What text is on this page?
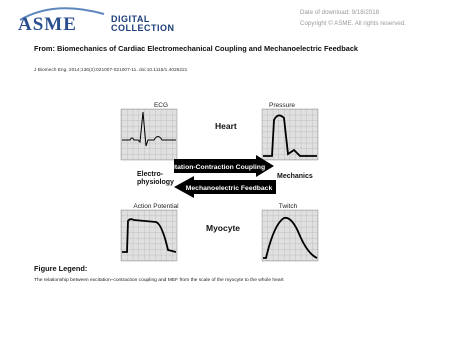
ASME	DIGITAL
COLLECTION
Date of download: 9/18/2018
Copyright © ASME. All rights reserved.
From: Biomechanics of Cardiac Electromechanical Coupling and Mechanoelectric Feedback
J Biomech Eng. 2014;136(2):021007-021007-11. doi:10.1115/1.4026221
ECG	Pressure
Heart
Electro-
physiology
Mechanics
Excitation-Contraction Coupling
Mechanoelectric Feedback
Action Potential	Twitch
Myocyte
Figure Legend:
The relationship between excitation–contraction coupling and MEF from the scale of the myocyte to the whole heart
